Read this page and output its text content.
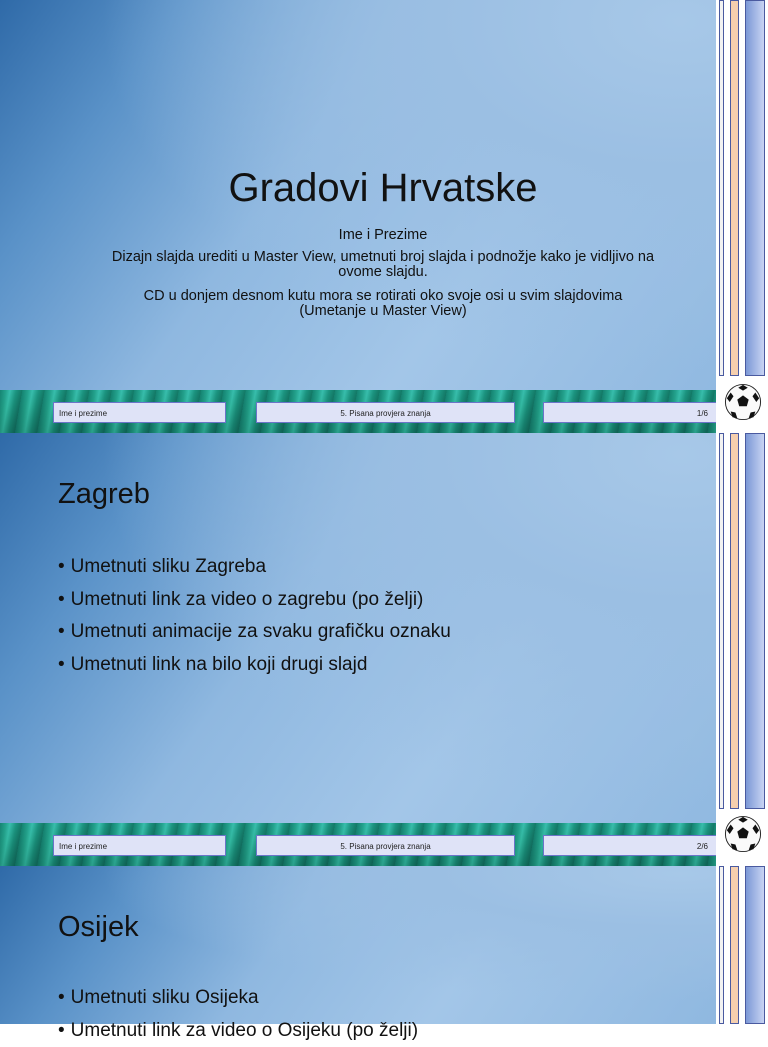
Gradovi Hrvatske
Ime i Prezime
Dizajn slajda urediti u Master View, umetnuti broj slajda i podnožje kako je vidljivo na ovome slajdu.
CD u donjem desnom kutu mora se rotirati oko svoje osi u svim slajdovima (Umetanje u Master View)
Ime i prezime	5. Pisana provjera znanja	1/6
Zagreb
• Umetnuti sliku Zagreba
• Umetnuti link za video o zagrebu (po želji)
• Umetnuti animacije za svaku grafičku oznaku
• Umetnuti link na bilo koji drugi slajd
Ime i prezime	5. Pisana provjera znanja	2/6
Osijek
• Umetnuti sliku Osijeka
• Umetnuti link za video o Osijeku (po želji)
